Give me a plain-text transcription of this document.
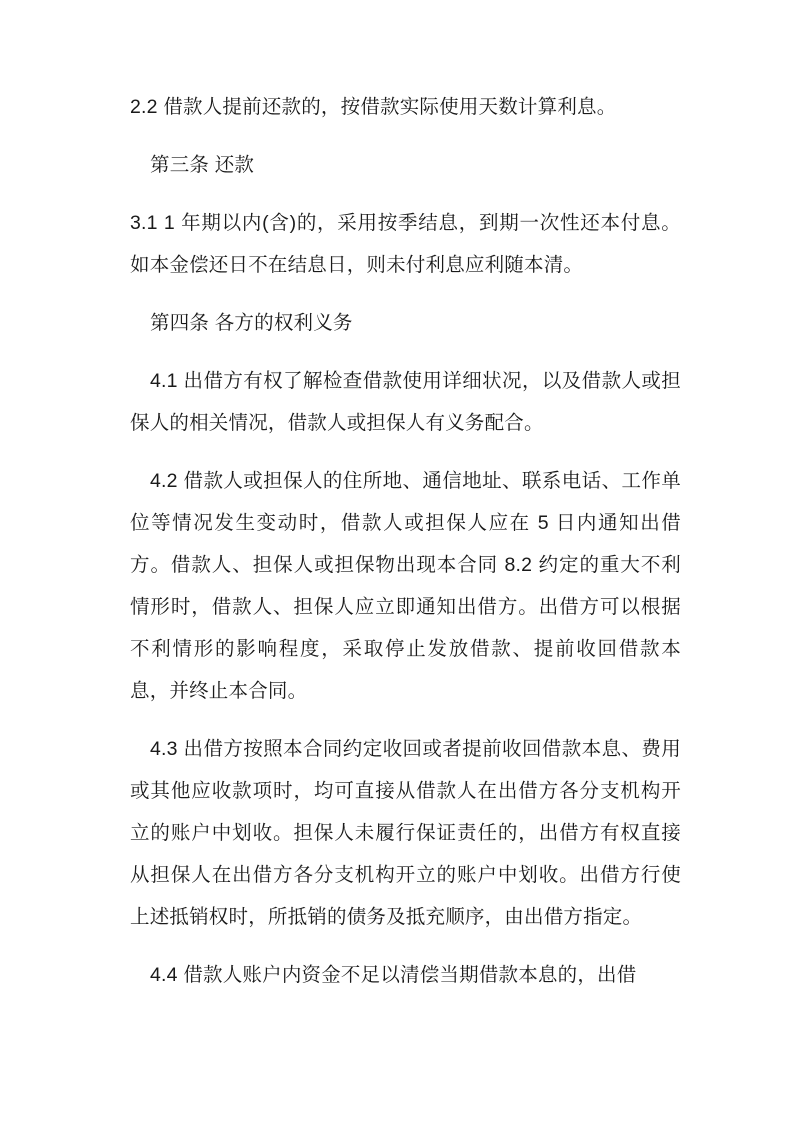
2.2 借款人提前还款的，按借款实际使用天数计算利息。

第三条 还款

3.1 1 年期以内(含)的，采用按季结息，到期一次性还本付息。如本金偿还日不在结息日，则未付利息应利随本清。

第四条 各方的权利义务

4.1 出借方有权了解检查借款使用详细状况，以及借款人或担保人的相关情况，借款人或担保人有义务配合。

4.2 借款人或担保人的住所地、通信地址、联系电话、工作单位等情况发生变动时，借款人或担保人应在 5 日内通知出借方。借款人、担保人或担保物出现本合同 8.2 约定的重大不利情形时，借款人、担保人应立即通知出借方。出借方可以根据不利情形的影响程度，采取停止发放借款、提前收回借款本息，并终止本合同。

4.3 出借方按照本合同约定收回或者提前收回借款本息、费用或其他应收款项时，均可直接从借款人在出借方各分支机构开立的账户中划收。担保人未履行保证责任的，出借方有权直接从担保人在出借方各分支机构开立的账户中划收。出借方行使上述抵销权时，所抵销的债务及抵充顺序，由出借方指定。

4.4 借款人账户内资金不足以清偿当期借款本息的，出借
